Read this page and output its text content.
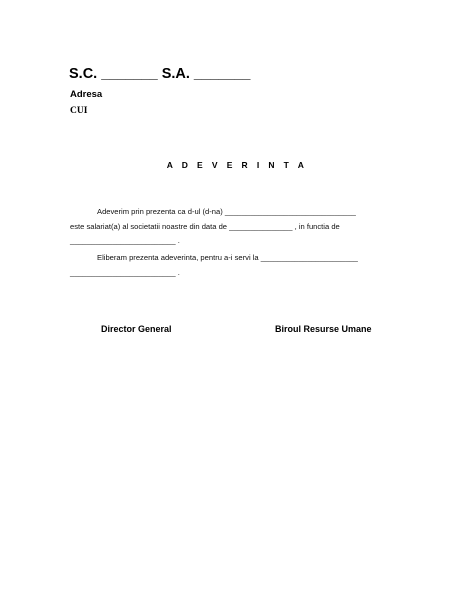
S.C. _______ S.A. _______

Adresa

CUI

A D E V E R I N T A

Adeverim prin prezenta ca d-ul (d-na) _______________________________

este salariat(a) al societatii noastre din data de _______________ , in functia de

_________________________ .

Eliberam prezenta adeverinta, pentru a-i servi la _______________________

_________________________ .

Director General	Biroul Resurse Umane
